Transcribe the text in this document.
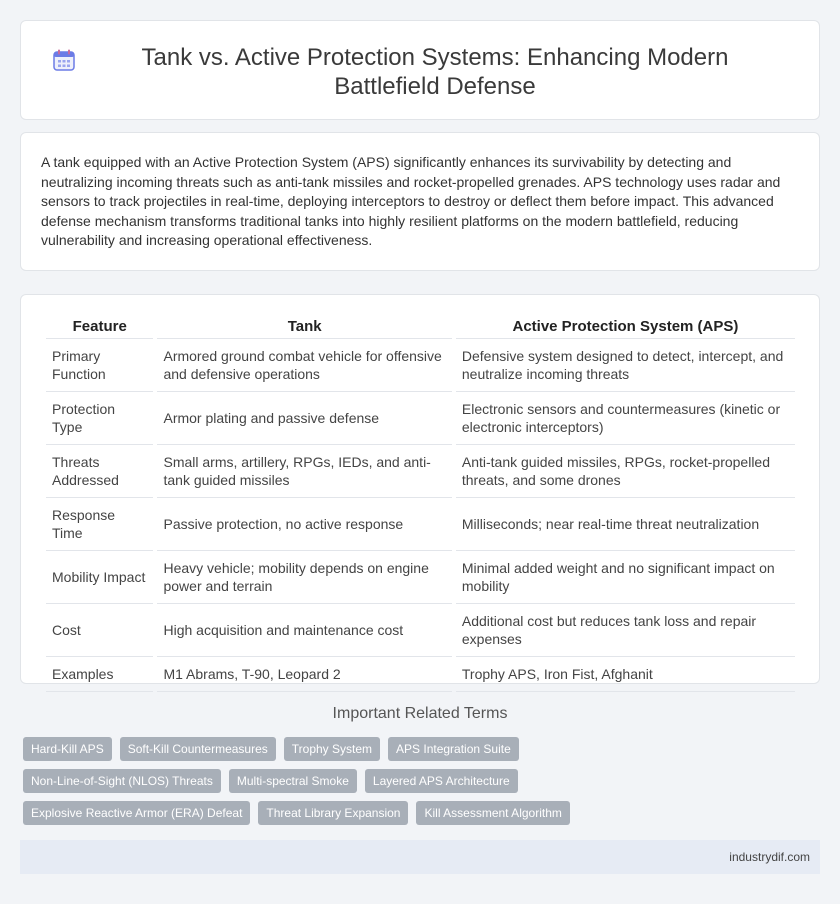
Tank vs. Active Protection Systems: Enhancing Modern Battlefield Defense

A tank equipped with an Active Protection System (APS) significantly enhances its survivability by detecting and neutralizing incoming threats such as anti-tank missiles and rocket-propelled grenades. APS technology uses radar and sensors to track projectiles in real-time, deploying interceptors to destroy or deflect them before impact. This advanced defense mechanism transforms traditional tanks into highly resilient platforms on the modern battlefield, reducing vulnerability and increasing operational effectiveness.

Feature	Tank	Active Protection System (APS)
Primary Function	Armored ground combat vehicle for offensive and defensive operations	Defensive system designed to detect, intercept, and neutralize incoming threats
Protection Type	Armor plating and passive defense	Electronic sensors and countermeasures (kinetic or electronic interceptors)
Threats Addressed	Small arms, artillery, RPGs, IEDs, and anti-tank guided missiles	Anti-tank guided missiles, RPGs, rocket-propelled threats, and some drones
Response Time	Passive protection, no active response	Milliseconds; near real-time threat neutralization
Mobility Impact	Heavy vehicle; mobility depends on engine power and terrain	Minimal added weight and no significant impact on mobility
Cost	High acquisition and maintenance cost	Additional cost but reduces tank loss and repair expenses
Examples	M1 Abrams, T-90, Leopard 2	Trophy APS, Iron Fist, Afghanit
Important Related Terms
Hard-Kill APS	Soft-Kill Countermeasures	Trophy System	APS Integration Suite
Non-Line-of-Sight (NLOS) Threats	Multi-spectral Smoke	Layered APS Architecture
Explosive Reactive Armor (ERA) Defeat	Threat Library Expansion	Kill Assessment Algorithm
industrydif.com
